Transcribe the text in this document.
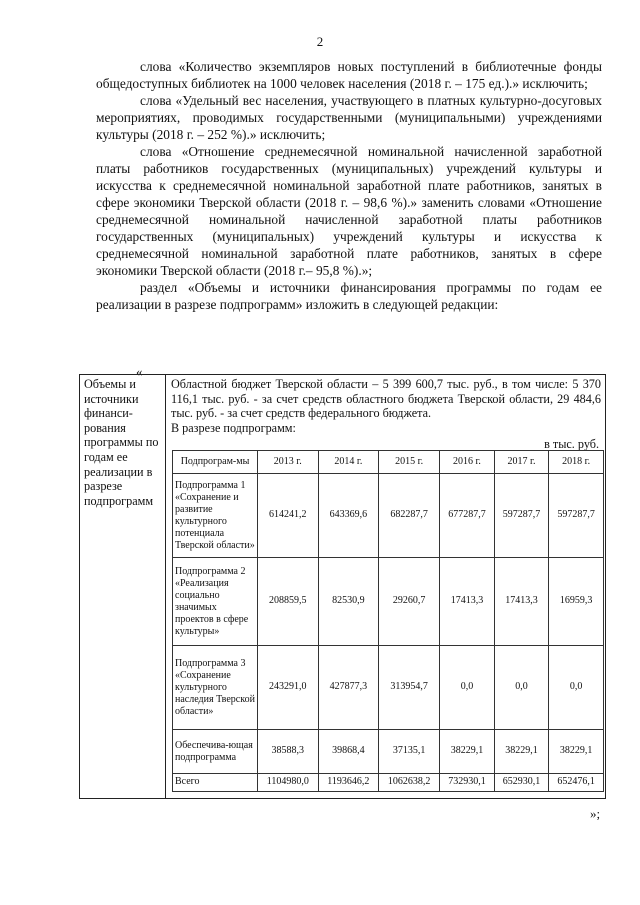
2

слова «Количество экземпляров новых поступлений в библиотечные фонды общедоступных библиотек на 1000 человек населения (2018 г. – 175 ед.).» исключить;

слова «Удельный вес населения, участвующего в платных культурно-досуговых мероприятиях, проводимых государственными (муниципальными) учреждениями культуры (2018 г. – 252 %).» исключить;

слова «Отношение среднемесячной номинальной начисленной заработной платы работников государственных (муниципальных) учреждений культуры и искусства к среднемесячной номинальной заработной плате работников, занятых в сфере экономики Тверской области (2018 г. – 98,6 %).» заменить словами «Отношение среднемесячной номинальной начисленной заработной платы работников государственных (муниципальных) учреждений культуры и искусства к среднемесячной номинальной заработной плате работников, занятых в сфере экономики Тверской области (2018 г.– 95,8 %).»;

раздел «Объемы и источники финансирования программы по годам ее реализации в разрезе подпрограмм» изложить в следующей редакции:

«
Объемы и источники финанси-рования программы по годам ее реализации в разрезе подпрограмм
Областной бюджет Тверской области – 5 399 600,7 тыс. руб., в том числе: 5 370 116,1 тыс. руб. - за счет средств областного бюджета Тверской области, 29 484,6 тыс. руб. - за счет средств федерального бюджета.
В разрезе подпрограмм:
в тыс. руб.
Подпрограм-мы	2013 г.	2014 г.	2015 г.	2016 г.	2017 г.	2018 г.
Подпрограмма 1 «Сохранение и развитие культурного потенциала Тверской области»	614241,2	643369,6	682287,7	677287,7	597287,7	597287,7
Подпрограмма 2 «Реализация социально значимых проектов в сфере культуры»	208859,5	82530,9	29260,7	17413,3	17413,3	16959,3
Подпрограмма 3 «Сохранение культурного наследия Тверской области»	243291,0	427877,3	313954,7	0,0	0,0	0,0
Обеспечива-ющая подпрограмма	38588,3	39868,4	37135,1	38229,1	38229,1	38229,1
Всего	1104980,0	1193646,2	1062638,2	732930,1	652930,1	652476,1
»;
